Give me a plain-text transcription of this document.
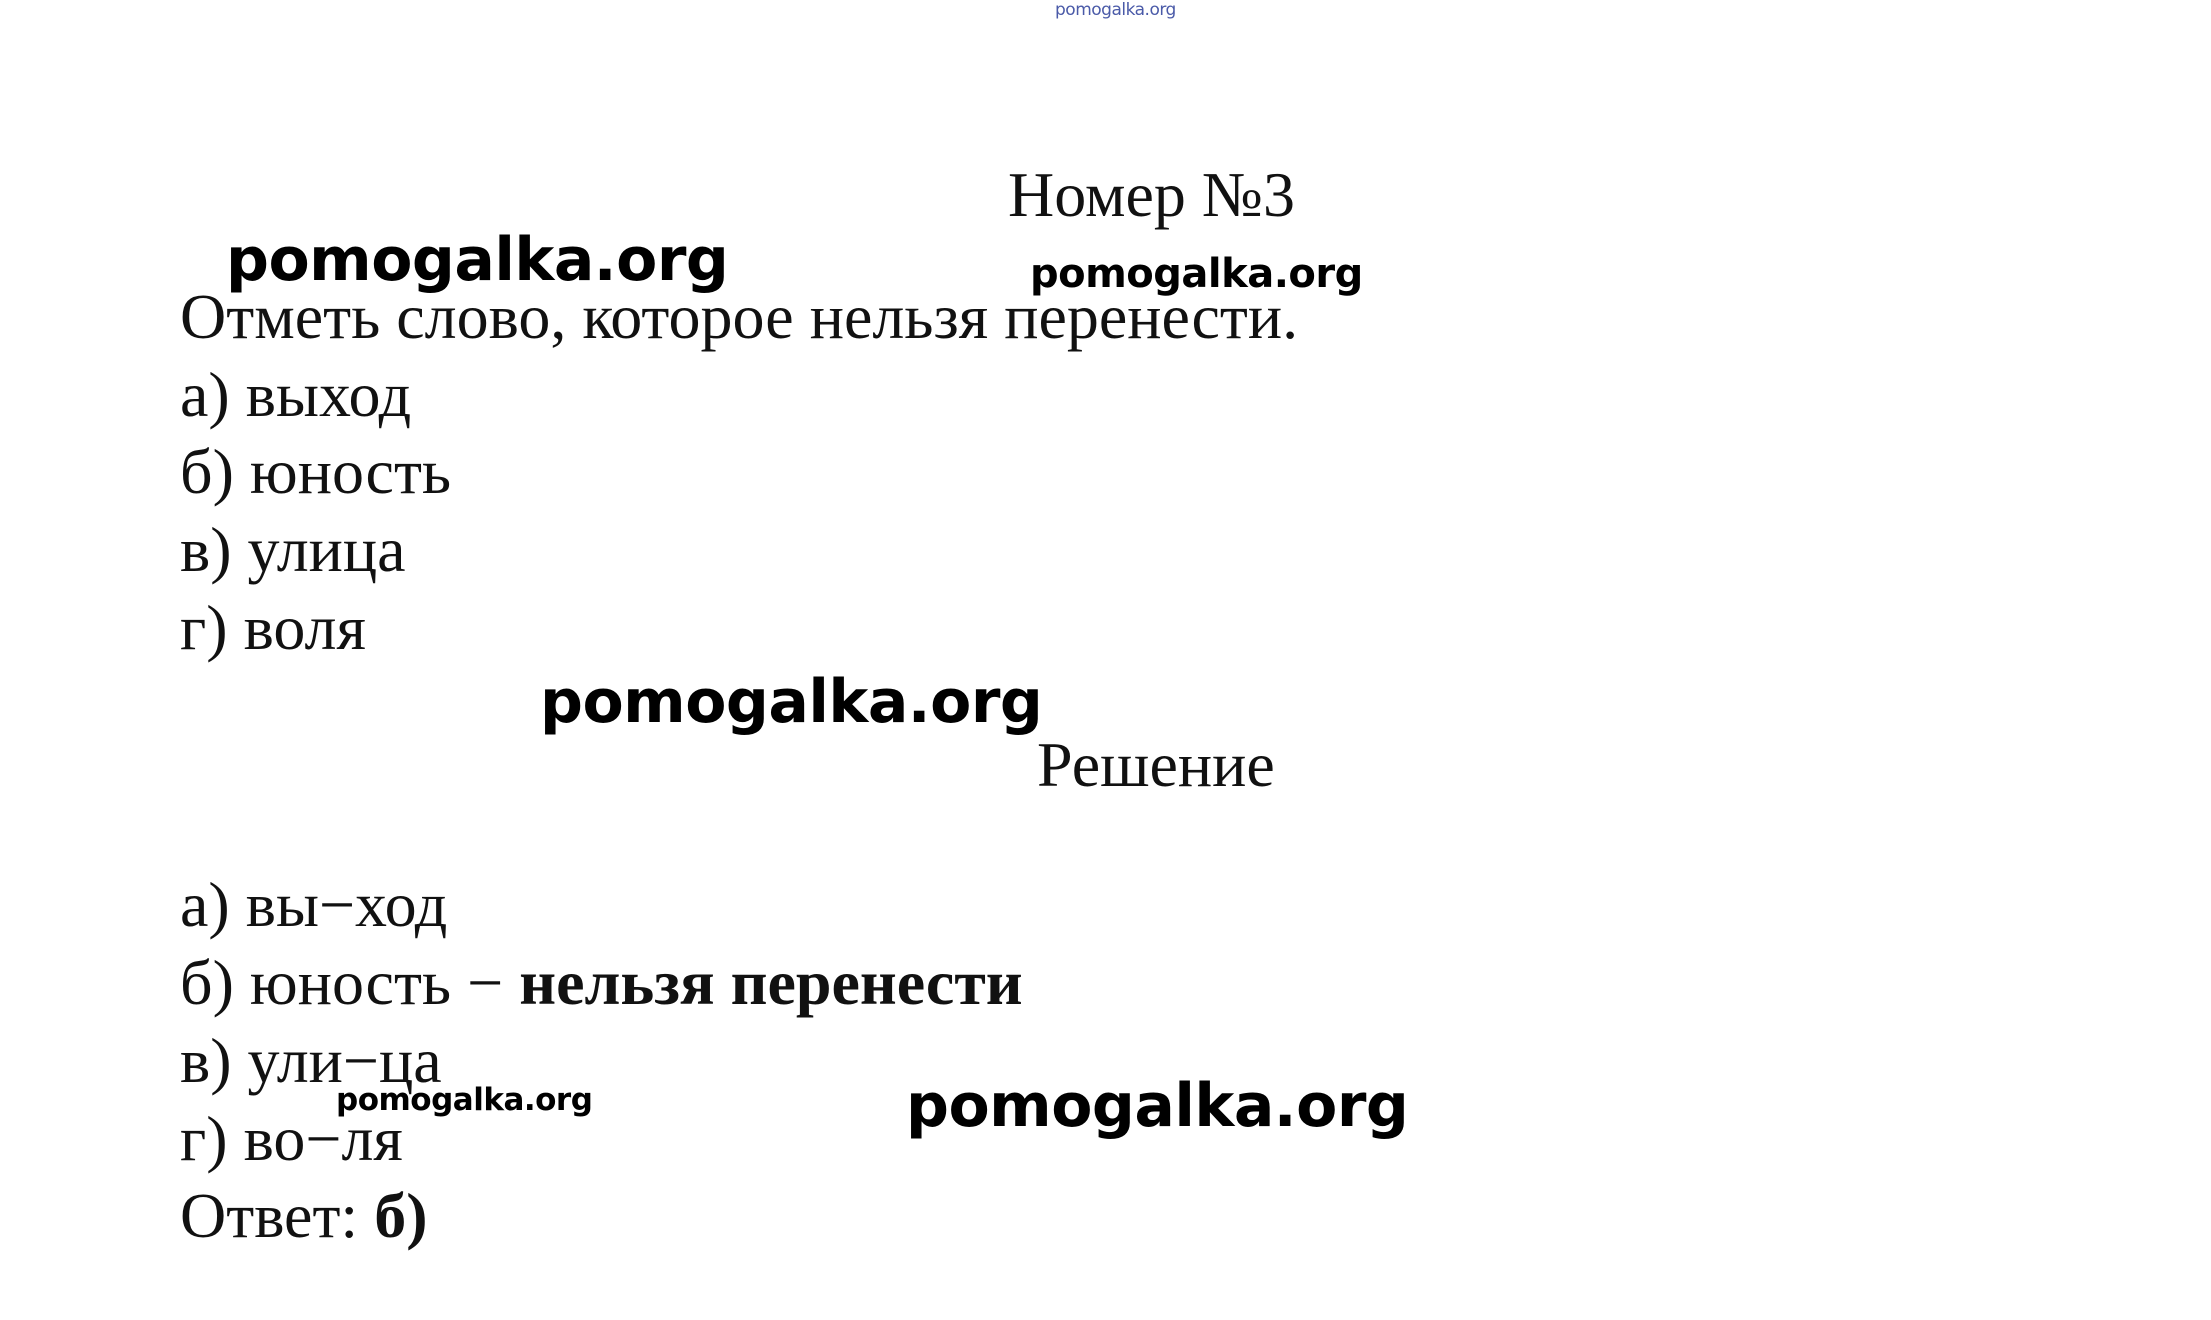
pomogalka.org
Номер №3
Отметь слово, которое нельзя перенести.
а) выход
б) юность
в) улица
г) воля
Решение
а) вы−ход
б) юность − нельзя перенести
в) ули−ца
г) во−ля
Ответ: б)
pomogalka.org	pomogalka.org
pomogalka.org
pomogalka.org	pomogalka.org
